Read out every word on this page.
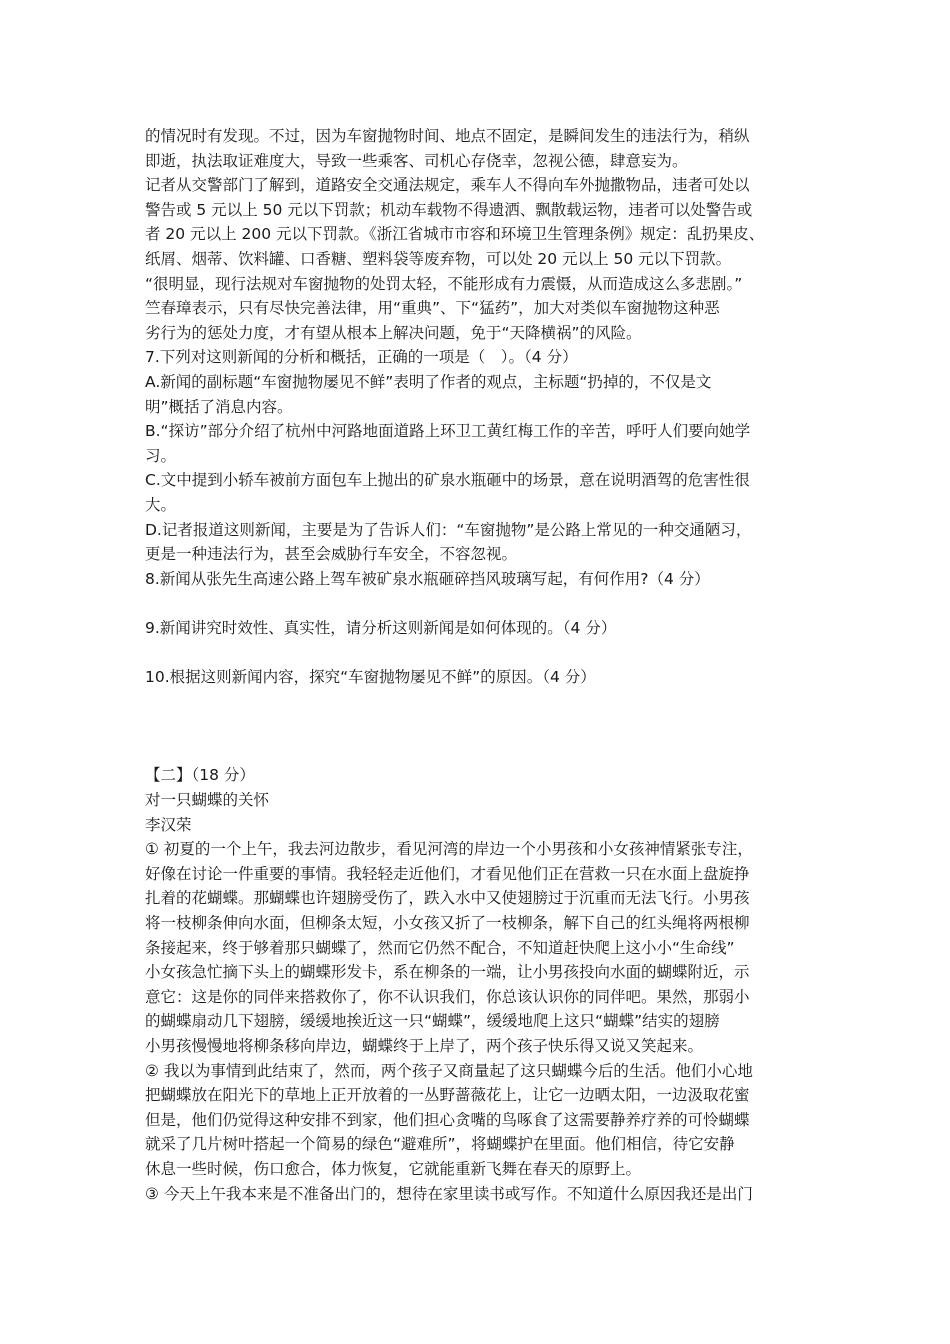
的情况时有发现。不过，因为车窗抛物时间、地点不固定，是瞬间发生的违法行为，稍纵

即逝，执法取证难度大，导致一些乘客、司机心存侥幸，忽视公德，肆意妄为。

记者从交警部门了解到，道路安全交通法规定，乘车人不得向车外抛撒物品，违者可处以

警告或 5 元以上 50 元以下罚款；机动车载物不得遗洒、飘散载运物，违者可以处警告或

者 20 元以上 200 元以下罚款。《浙江省城市市容和环境卫生管理条例》规定：乱扔果皮、

纸屑、烟蒂、饮料罐、口香糖、塑料袋等废弃物，可以处 20 元以上 50 元以下罚款。

“很明显，现行法规对车窗抛物的处罚太轻，不能形成有力震慑，从而造成这么多悲剧。”

竺春璋表示，只有尽快完善法律，用“重典”、下“猛药”，加大对类似车窗抛物这种恶

劣行为的惩处力度，才有望从根本上解决问题，免于“天降横祸”的风险。

7.下列对这则新闻的分析和概括，正确的一项是（　）。（4 分）

A.新闻的副标题“车窗抛物屡见不鲜”表明了作者的观点，主标题“扔掉的，不仅是文

明”概括了消息内容。

B.“探访”部分介绍了杭州中河路地面道路上环卫工黄红梅工作的辛苦，呼吁人们要向她学

习。

C.文中提到小轿车被前方面包车上抛出的矿泉水瓶砸中的场景，意在说明酒驾的危害性很

大。

D.记者报道这则新闻，主要是为了告诉人们：“车窗抛物”是公路上常见的一种交通陋习，

更是一种违法行为，甚至会威胁行车安全，不容忽视。

8.新闻从张先生高速公路上驾车被矿泉水瓶砸碎挡风玻璃写起，有何作用?（4 分）

9.新闻讲究时效性、真实性，请分析这则新闻是如何体现的。（4 分）

10.根据这则新闻内容，探究“车窗抛物屡见不鲜”的原因。（4 分）

【二】（18 分）

对一只蝴蝶的关怀

李汉荣

① 初夏的一个上午，我去河边散步，看见河湾的岸边一个小男孩和小女孩神情紧张专注，

好像在讨论一件重要的事情。我轻轻走近他们，才看见他们正在营救一只在水面上盘旋挣

扎着的花蝴蝶。那蝴蝶也许翅膀受伤了，跌入水中又使翅膀过于沉重而无法飞行。小男孩

将一枝柳条伸向水面，但柳条太短，小女孩又折了一枝柳条，解下自己的红头绳将两根柳

条接起来，终于够着那只蝴蝶了，然而它仍然不配合，不知道赶快爬上这小小“生命线”

小女孩急忙摘下头上的蝴蝶形发卡，系在柳条的一端，让小男孩投向水面的蝴蝶附近，示

意它：这是你的同伴来搭救你了，你不认识我们，你总该认识你的同伴吧。果然，那弱小

的蝴蝶扇动几下翅膀，缓缓地挨近这一只“蝴蝶”，缓缓地爬上这只“蝴蝶”结实的翅膀

小男孩慢慢地将柳条移向岸边，蝴蝶终于上岸了，两个孩子快乐得又说又笑起来。

② 我以为事情到此结束了，然而，两个孩子又商量起了这只蝴蝶今后的生活。他们小心地

把蝴蝶放在阳光下的草地上正开放着的一丛野蔷薇花上，让它一边晒太阳，一边汲取花蜜

但是，他们仍觉得这种安排不到家，他们担心贪嘴的鸟啄食了这需要静养疗养的可怜蝴蝶

就采了几片树叶搭起一个简易的绿色“避难所”，将蝴蝶护在里面。他们相信，待它安静

休息一些时候，伤口愈合，体力恢复，它就能重新飞舞在春天的原野上。

③ 今天上午我本来是不准备出门的，想待在家里读书或写作。不知道什么原因我还是出门
